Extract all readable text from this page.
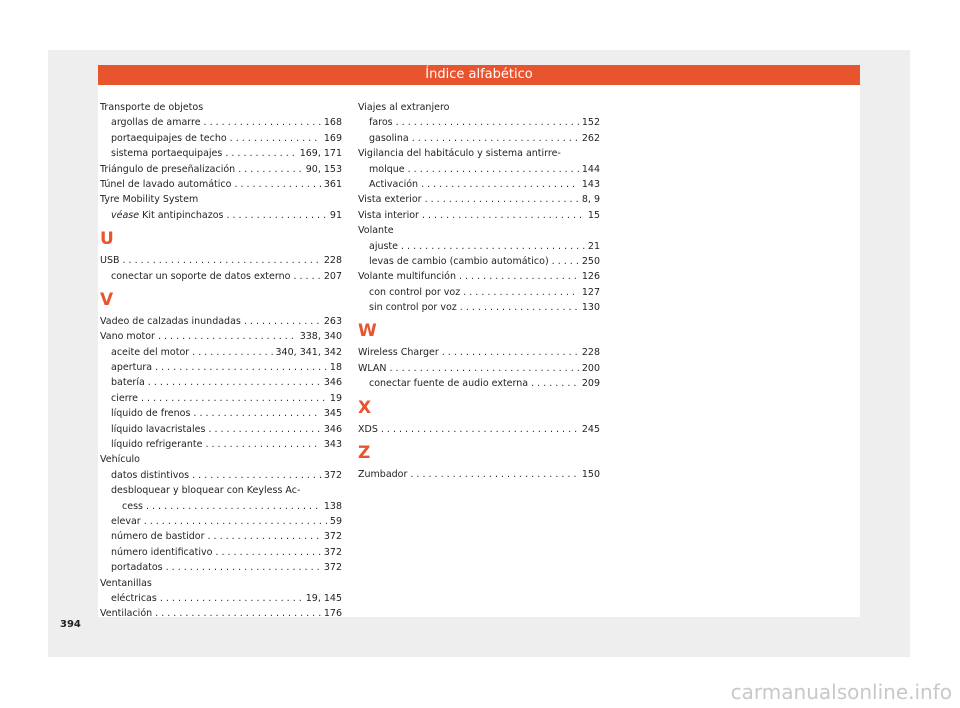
Índice alfabético
Transporte de objetos
argollas de amarre . . .	168
portaequipajes de techo . . .	169
sistema portaequipajes . . .	169, 171
Triángulo de preseñalización . . .	90, 153
Túnel de lavado automático . . .	361
Tyre Mobility System
véase Kit antipinchazos . . .	91
U
USB . . .	228
conectar un soporte de datos externo . . .	207
V
Vadeo de calzadas inundadas . . .	263
Vano motor . . .	338, 340
aceite del motor . . .	340, 341, 342
apertura . . .	18
batería . . .	346
cierre . . .	19
líquido de frenos . . .	345
líquido lavacristales . . .	346
líquido refrigerante . . .	343
Vehículo
datos distintivos . . .	372
desbloquear y bloquear con Keyless Ac-
cess . . .	138
elevar . . .	59
número de bastidor . . .	372
número identificativo . . .	372
portadatos . . .	372
Ventanillas
eléctricas . . .	19, 145
Ventilación . . .	176
Viajes al extranjero
faros . . .	152
gasolina . . .	262
Vigilancia del habitáculo y sistema antirre-
molque . . .	144
Activación . . .	143
Vista exterior . . .	8, 9
Vista interior . . .	15
Volante
ajuste . . .	21
levas de cambio (cambio automático) . . .	250
Volante multifunción . . .	126
con control por voz . . .	127
sin control por voz . . .	130
W
Wireless Charger . . .	228
WLAN . . .	200
conectar fuente de audio externa . . .	209
X
XDS . . .	245
Z
Zumbador . . .	150
394
carmanualsonline.info
